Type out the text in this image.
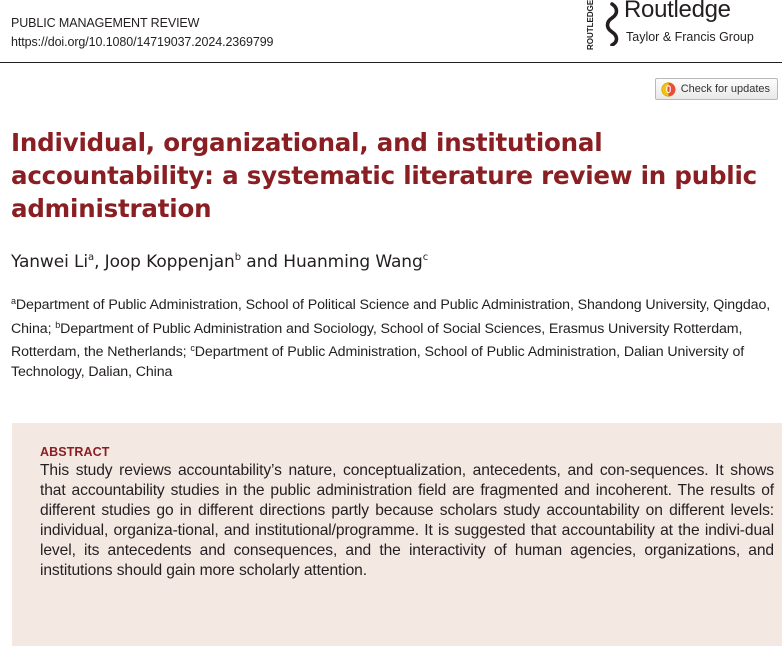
PUBLIC MANAGEMENT REVIEW
https://doi.org/10.1080/14719037.2024.2369799	ROUTLEDGE Routledge
Taylor & Francis Group
Check for updates
Individual, organizational, and institutional accountability: a systematic literature review in public administration
Yanwei Li$^a$, Joop Koppenjan$^b$ and Huanming Wang$^c$
$^a$Department of Public Administration, School of Political Science and Public Administration, Shandong University, Qingdao, China; $^b$Department of Public Administration and Sociology, School of Social Sciences, Erasmus University Rotterdam, Rotterdam, the Netherlands; $^c$Department of Public Administration, School of Public Administration, Dalian University of Technology, Dalian, China
ABSTRACT
This study reviews accountability’s nature, conceptualization, antecedents, and con-sequences. It shows that accountability studies in the public administration field are fragmented and incoherent. The results of different studies go in different directions partly because scholars study accountability on different levels: individual, organiza-tional, and institutional/programme. It is suggested that accountability at the indivi-dual level, its antecedents and consequences, and the interactivity of human agencies, organizations, and institutions should gain more scholarly attention.
